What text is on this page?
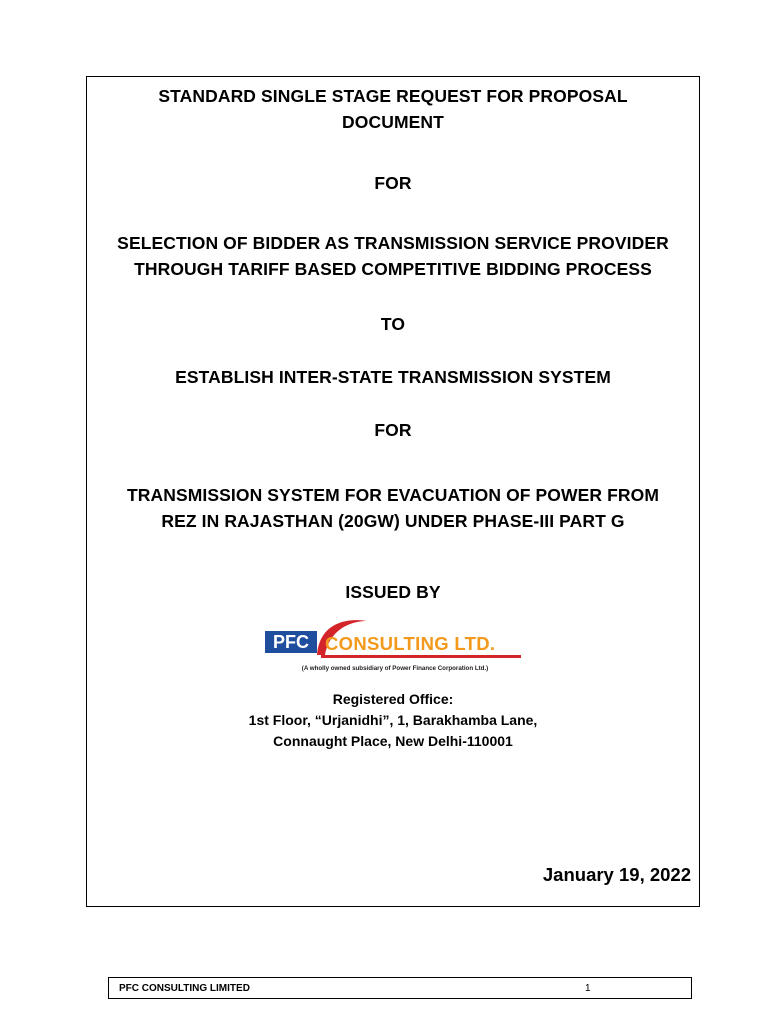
STANDARD SINGLE STAGE REQUEST FOR PROPOSAL
DOCUMENT
FOR
SELECTION OF BIDDER AS TRANSMISSION SERVICE PROVIDER
THROUGH TARIFF BASED COMPETITIVE BIDDING PROCESS
TO
ESTABLISH INTER-STATE TRANSMISSION SYSTEM
FOR
TRANSMISSION SYSTEM FOR EVACUATION OF POWER FROM
REZ IN RAJASTHAN (20GW) UNDER PHASE-III PART G
ISSUED BY
PFC CONSULTING LTD.
(A wholly owned subsidiary of Power Finance Corporation Ltd.)
Registered Office:
1st Floor, “Urjanidhi”, 1, Barakhamba Lane,
Connaught Place, New Delhi-110001
January 19, 2022
PFC CONSULTING LIMITED	1
